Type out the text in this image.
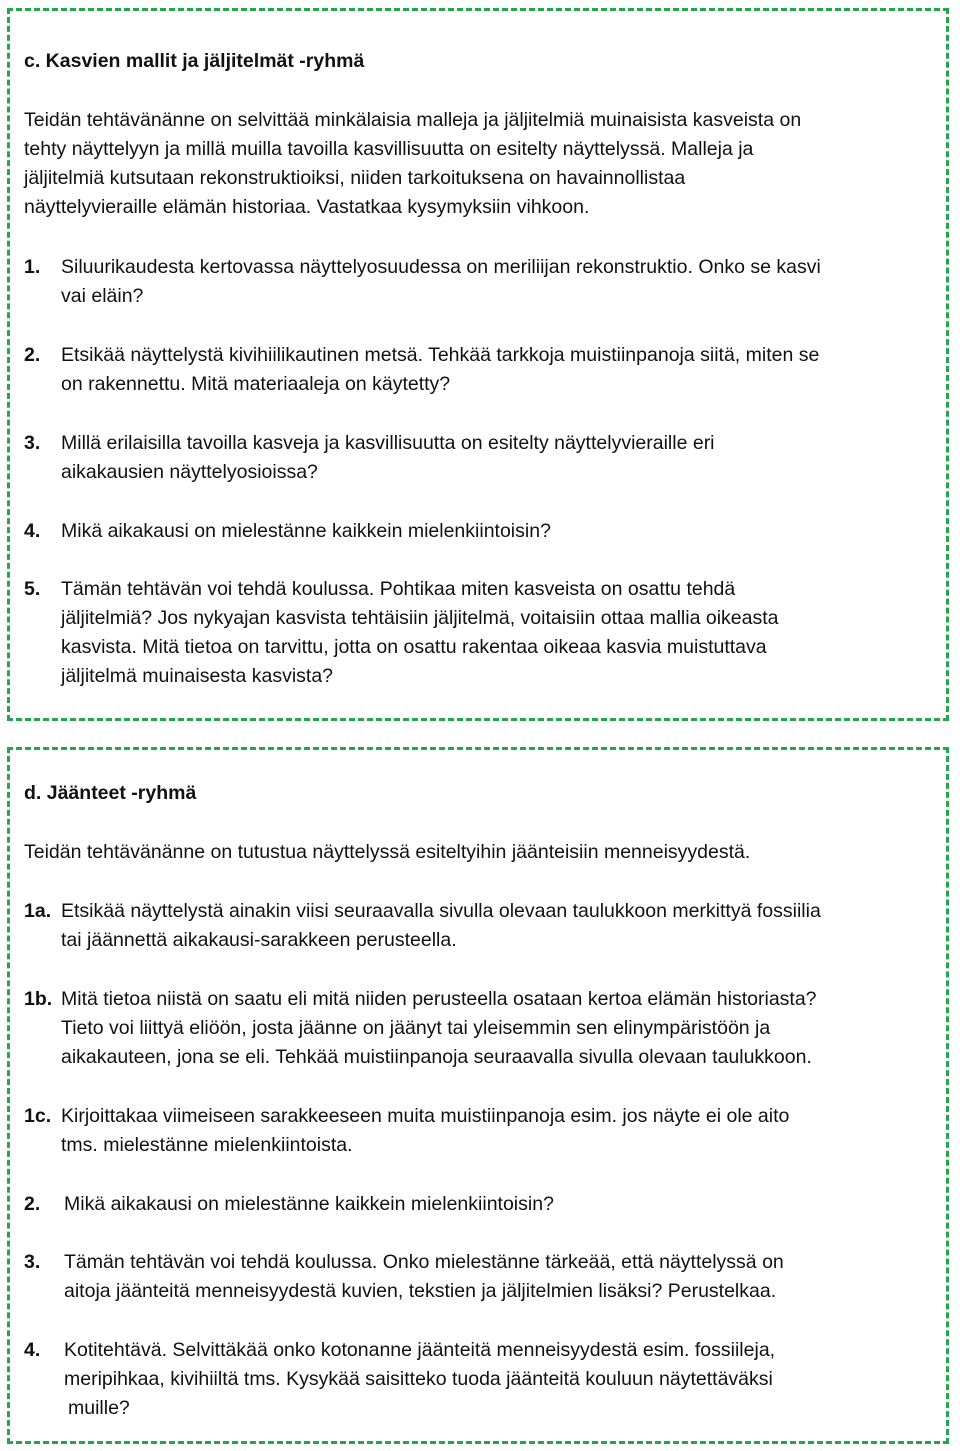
c. Kasvien mallit ja jäljitelmät -ryhmä
Teidän tehtävänänne on selvittää minkälaisia malleja ja jäljitelmiä muinaisista kasveista on
tehty näyttelyyn ja millä muilla tavoilla kasvillisuutta on esitelty näyttelyssä. Malleja ja
jäljitelmiä kutsutaan rekonstruktioiksi, niiden tarkoituksena on havainnollistaa
näyttelyvieraille elämän historiaa. Vastatkaa kysymyksiin vihkoon.
1. Siluurikaudesta kertovassa näyttelyosuudessa on meriliijan rekonstruktio. Onko se kasvi
vai eläin?
2. Etsikää näyttelystä kivihiilikautinen metsä. Tehkää tarkkoja muistiinpanoja siitä, miten se
on rakennettu. Mitä materiaaleja on käytetty?
3. Millä erilaisilla tavoilla kasveja ja kasvillisuutta on esitelty näyttelyvieraille eri
aikakausien näyttelyosioissa?
4. Mikä aikakausi on mielestänne kaikkein mielenkiintoisin?
5. Tämän tehtävän voi tehdä koulussa. Pohtikaa miten kasveista on osattu tehdä
jäljitelmiä? Jos nykyajan kasvista tehtäisiin jäljitelmä, voitaisiin ottaa mallia oikeasta
kasvista. Mitä tietoa on tarvittu, jotta on osattu rakentaa oikeaa kasvia muistuttava
jäljitelmä muinaisesta kasvista?
d. Jäänteet -ryhmä
Teidän tehtävänänne on tutustua näyttelyssä esiteltyihin jäänteisiin menneisyydestä.
1a. Etsikää näyttelystä ainakin viisi seuraavalla sivulla olevaan taulukkoon merkittyä fossiilia
tai jäännettä aikakausi-sarakkeen perusteella.
1b. Mitä tietoa niistä on saatu eli mitä niiden perusteella osataan kertoa elämän historiasta?
Tieto voi liittyä eliöön, josta jäänne on jäänyt tai yleisemmin sen elinympäristöön ja
aikakauteen, jona se eli. Tehkää muistiinpanoja seuraavalla sivulla olevaan taulukkoon.
1c. Kirjoittakaa viimeiseen sarakkeeseen muita muistiinpanoja esim. jos näyte ei ole aito
tms. mielestänne mielenkiintoista.
2. Mikä aikakausi on mielestänne kaikkein mielenkiintoisin?
3. Tämän tehtävän voi tehdä koulussa. Onko mielestänne tärkeää, että näyttelyssä on
aitoja jäänteitä menneisyydestä kuvien, tekstien ja jäljitelmien lisäksi? Perustelkaa.
4. Kotitehtävä. Selvittäkää onko kotonanne jäänteitä menneisyydestä esim. fossiileja,
meripihkaa, kivihiiltä tms. Kysykää saisitteko tuoda jäänteitä kouluun näytettäväksi
muille?
